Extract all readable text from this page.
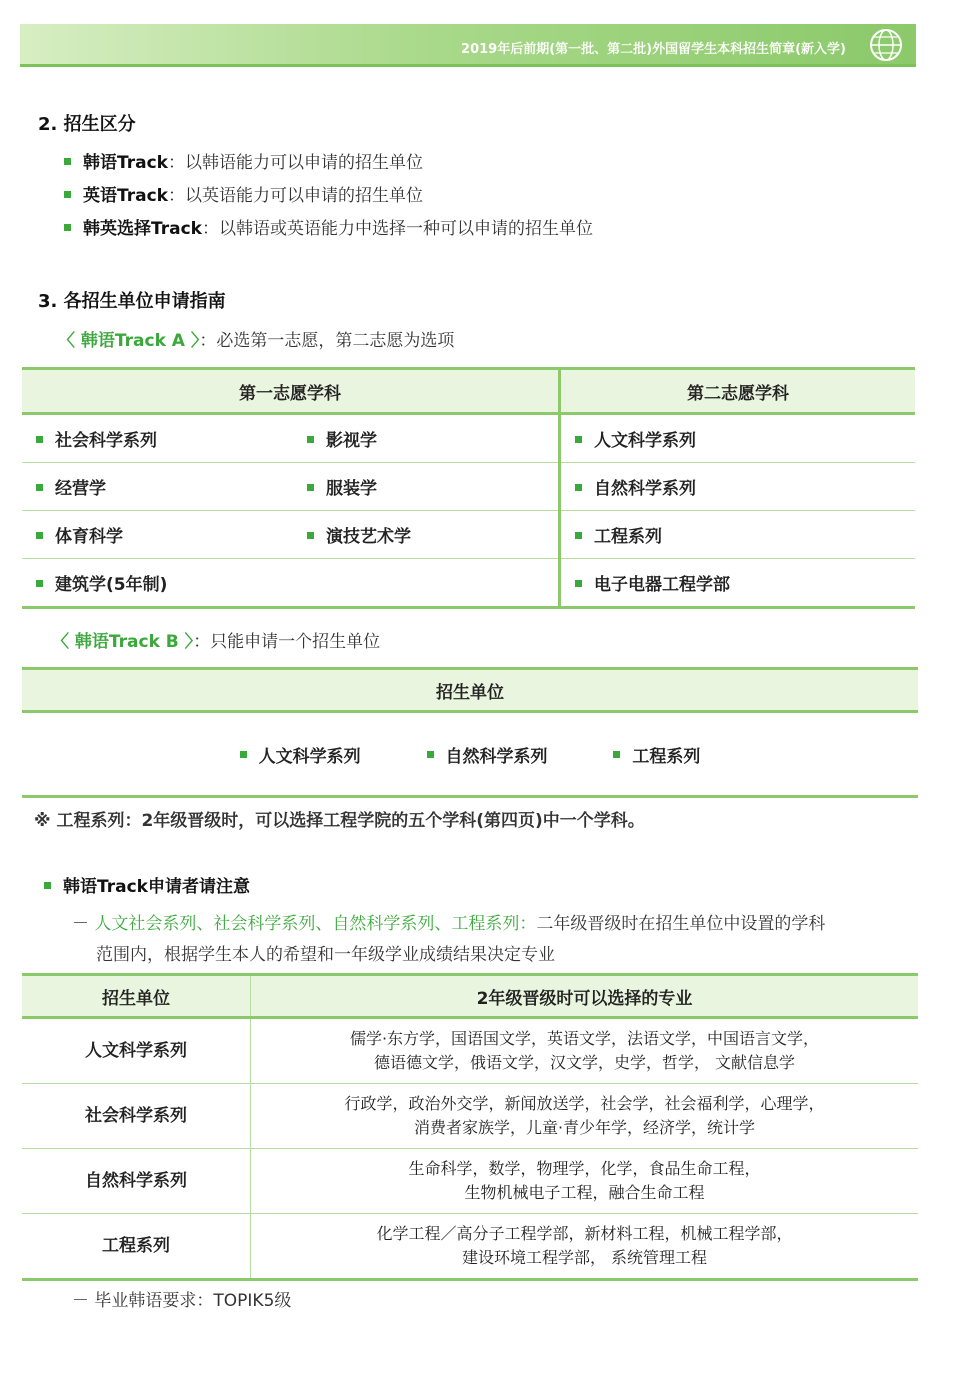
2019年后前期(第一批、第二批)外国留学生本科招生简章(新入学)
2. 招生区分
韩语Track：以韩语能力可以申请的招生单位
英语Track：以英语能力可以申请的招生单位
韩英选择Track：以韩语或英语能力中选择一种可以申请的招生单位
3. 各招生单位申请指南
〈 韩语Track A 〉：必选第一志愿，第二志愿为选项
第一志愿学科		第二志愿学科
社会科学系列	影视学	人文科学系列
经营学	服装学	自然科学系列
体育科学	演技艺术学	工程系列
建筑学(5年制)		电子电器工程学部
〈 韩语Track B 〉：只能申请一个招生单位
招生单位
人文科学系列	自然科学系列	工程系列
※ 工程系列：2年级晋级时，可以选择工程学院的五个学科(第四页)中一个学科。
韩语Track申请者请注意
－ 人文社会系列、社会科学系列、自然科学系列、工程系列：二年级晋级时在招生单位中设置的学科
范围内，根据学生本人的希望和一年级学业成绩结果决定专业
招生单位	2年级晋级时可以选择的专业
人文科学系列	儒学·东方学，国语国文学，英语文学，法语文学，中国语言文学，
德语德文学，俄语文学，汉文学，史学，哲学， 文献信息学

社会科学系列	行政学，政治外交学，新闻放送学，社会学，社会福利学，心理学，
消费者家族学，儿童·青少年学，经济学，统计学

自然科学系列	生命科学，数学，物理学，化学，食品生命工程，
生物机械电子工程，融合生命工程

工程系列	化学工程／高分子工程学部，新材料工程，机械工程学部，
建设环境工程学部， 系统管理工程
－ 毕业韩语要求：TOPIK5级
